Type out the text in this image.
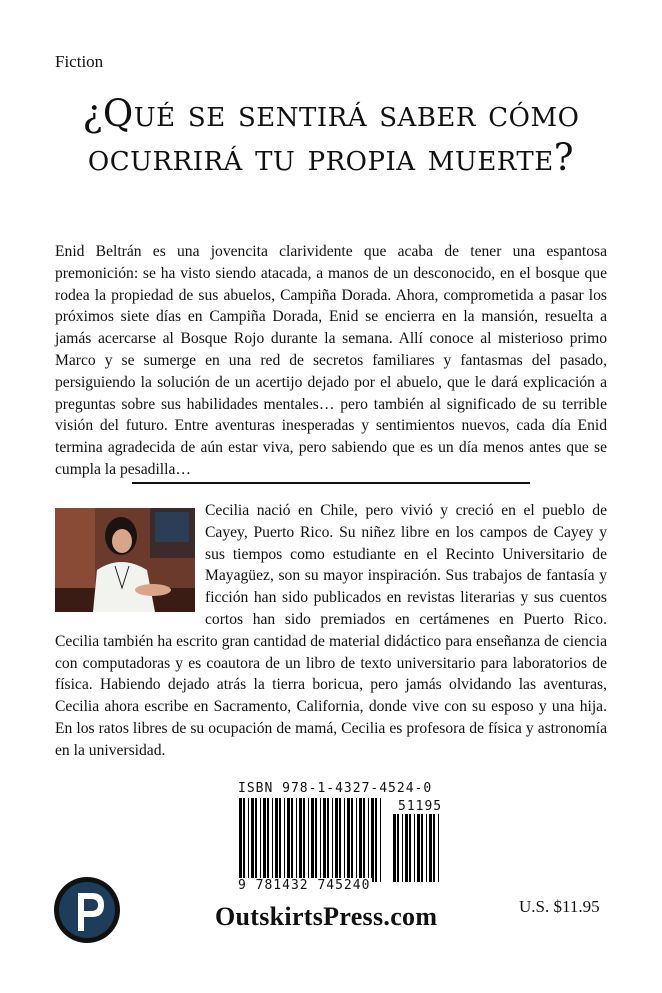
Fiction
¿Qué se sentirá saber cómo ocurrirá tu propia muerte?

Enid Beltrán es una jovencita clarividente que acaba de tener una espantosa premonición: se ha visto siendo atacada, a manos de un desconocido, en el bosque que rodea la propiedad de sus abuelos, Campiña Dorada. Ahora, comprometida a pasar los próximos siete días en Campiña Dorada, Enid se encierra en la mansión, resuelta a jamás acercarse al Bosque Rojo durante la semana. Allí conoce al misterioso primo Marco y se sumerge en una red de secretos familiares y fantasmas del pasado, persiguiendo la solución de un acertijo dejado por el abuelo, que le dará explicación a preguntas sobre sus habilidades mentales… pero también al significado de su terrible visión del futuro. Entre aventuras inesperadas y sentimientos nuevos, cada día Enid termina agradecida de aún estar viva, pero sabiendo que es un día menos antes que se cumpla la pesadilla…

Cecilia nació en Chile, pero vivió y creció en el pueblo de Cayey, Puerto Rico. Su niñez libre en los campos de Cayey y sus tiempos como estudiante en el Recinto Universitario de Mayagüez, son su mayor inspiración. Sus trabajos de fantasía y ficción han sido publicados en revistas literarias y sus cuentos cortos han sido premiados en certámenes en Puerto Rico. Cecilia también ha escrito gran cantidad de material didáctico para enseñanza de ciencia con computadoras y es coautora de un libro de texto universitario para laboratorios de física. Habiendo dejado atrás la tierra boricua, pero jamás olvidando las aventuras, Cecilia ahora escribe en Sacramento, California, donde vive con su esposo y una hija. En los ratos libres de su ocupación de mamá, Cecilia es profesora de física y astronomía en la universidad.

ISBN 978-1-4327-4524-0
51195
9 781432 745240
OutskirtsPress.com	U.S. $11.95
